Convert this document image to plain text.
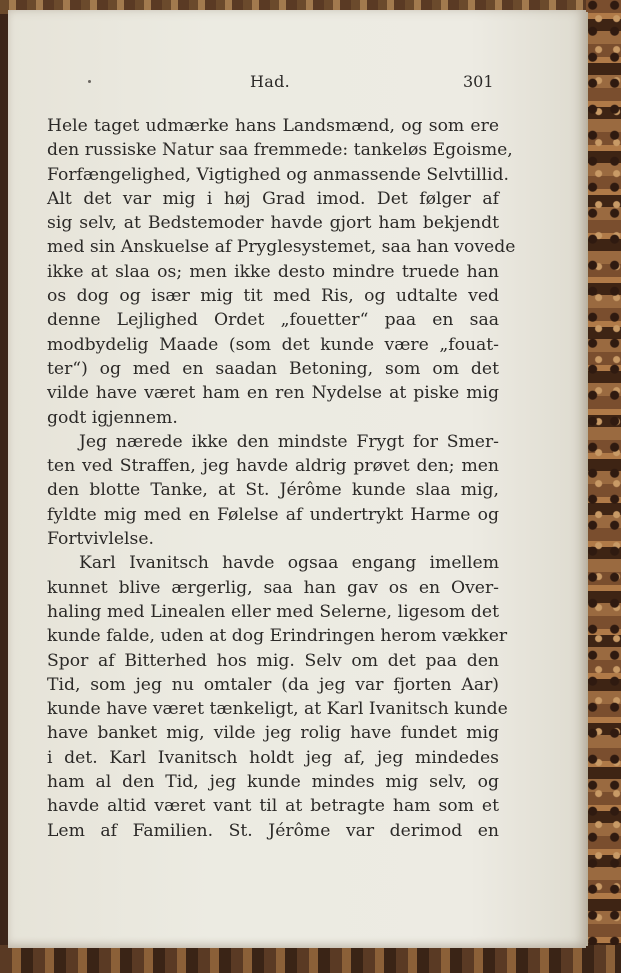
Had.	301
Hele taget udmærke hans Landsmænd, og som ere
den russiske Natur saa fremmede: tankeløs Egoisme,
Forfængelighed, Vigtighed og anmassende Selvtillid.
Alt det var mig i høj Grad imod. Det følger af
sig selv, at Bedstemoder havde gjort ham bekjendt
med sin Anskuelse af Pryglesystemet, saa han vovede
ikke at slaa os; men ikke desto mindre truede han
os dog og især mig tit med Ris, og udtalte ved
denne Lejlighed Ordet „fouetter“ paa en saa
modbydelig Maade (som det kunde være „fouat-
ter“) og med en saadan Betoning, som om det
vilde have været ham en ren Nydelse at piske mig
godt igjennem.
Jeg nærede ikke den mindste Frygt for Smer-
ten ved Straffen, jeg havde aldrig prøvet den; men
den blotte Tanke, at St. Jérôme kunde slaa mig,
fyldte mig med en Følelse af undertrykt Harme og
Fortvivlelse.
Karl Ivanitsch havde ogsaa engang imellem
kunnet blive ærgerlig, saa han gav os en Over-
haling med Linealen eller med Selerne, ligesom det
kunde falde, uden at dog Erindringen herom vækker
Spor af Bitterhed hos mig. Selv om det paa den
Tid, som jeg nu omtaler (da jeg var fjorten Aar)
kunde have været tænkeligt, at Karl Ivanitsch kunde
have banket mig, vilde jeg rolig have fundet mig
i det. Karl Ivanitsch holdt jeg af, jeg mindedes
ham al den Tid, jeg kunde mindes mig selv, og
havde altid været vant til at betragte ham som et
Lem af Familien. St. Jérôme var derimod en
